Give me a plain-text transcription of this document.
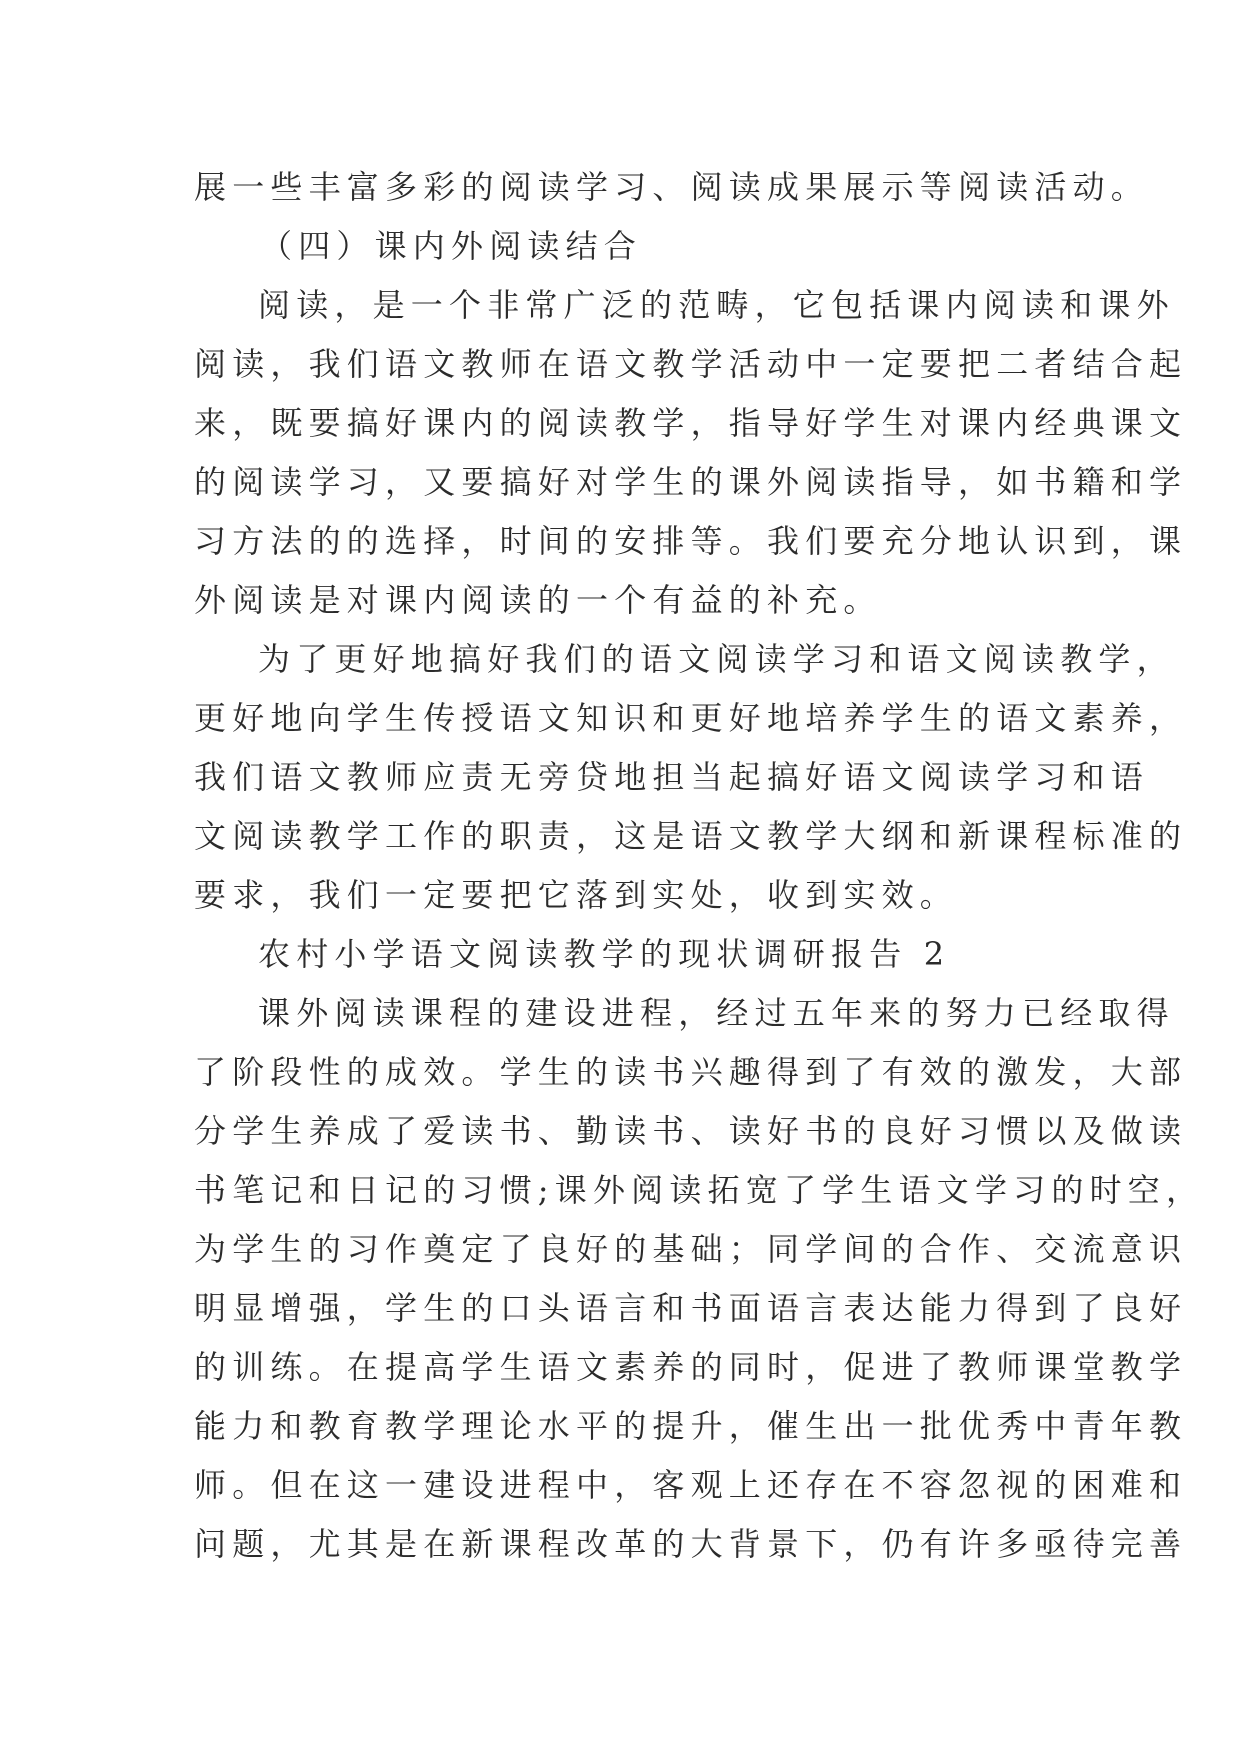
展一些丰富多彩的阅读学习、阅读成果展示等阅读活动。
（四）课内外阅读结合
阅读，是一个非常广泛的范畴，它包括课内阅读和课外
阅读，我们语文教师在语文教学活动中一定要把二者结合起
来，既要搞好课内的阅读教学，指导好学生对课内经典课文
的阅读学习，又要搞好对学生的课外阅读指导，如书籍和学
习方法的的选择，时间的安排等。我们要充分地认识到，课
外阅读是对课内阅读的一个有益的补充。
为了更好地搞好我们的语文阅读学习和语文阅读教学，
更好地向学生传授语文知识和更好地培养学生的语文素养，
我们语文教师应责无旁贷地担当起搞好语文阅读学习和语
文阅读教学工作的职责，这是语文教学大纲和新课程标准的
要求，我们一定要把它落到实处，收到实效。
农村小学语文阅读教学的现状调研报告 2
课外阅读课程的建设进程，经过五年来的努力已经取得
了阶段性的成效。学生的读书兴趣得到了有效的激发，大部
分学生养成了爱读书、勤读书、读好书的良好习惯以及做读
书笔记和日记的习惯;课外阅读拓宽了学生语文学习的时空，
为学生的习作奠定了良好的基础；同学间的合作、交流意识
明显增强，学生的口头语言和书面语言表达能力得到了良好
的训练。在提高学生语文素养的同时，促进了教师课堂教学
能力和教育教学理论水平的提升，催生出一批优秀中青年教
师。但在这一建设进程中，客观上还存在不容忽视的困难和
问题，尤其是在新课程改革的大背景下，仍有许多亟待完善
